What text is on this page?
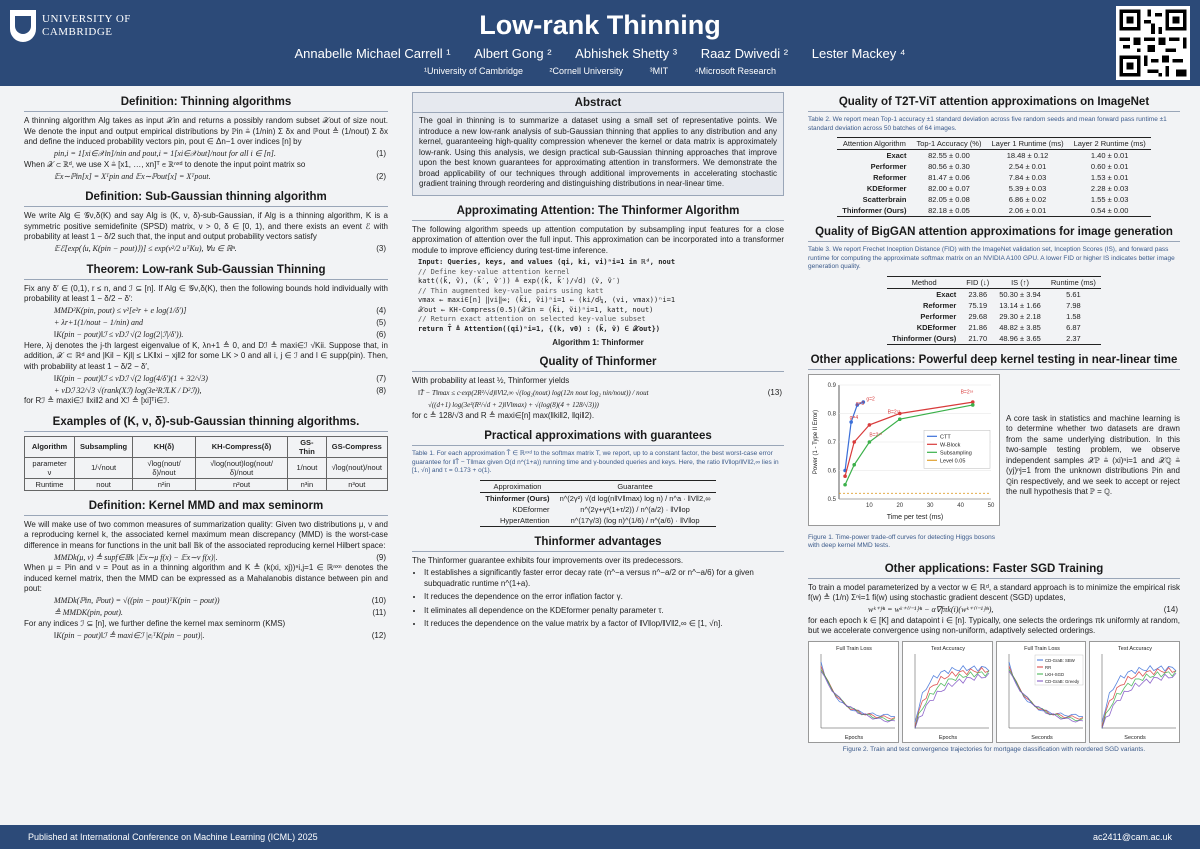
UNIVERSITY OF
CAMBRIDGE	Low-rank Thinning
Annabelle Michael Carrell ¹ Albert Gong ² Abhishek Shetty ³ Raaz Dwivedi ² Lester Mackey ⁴
¹University of Cambridge	²Cornell University	³MIT	⁴Microsoft Research
Definition: Thinning algorithms
A thinning algorithm Alg takes as input 𝒳in and returns a possibly random subset 𝒳out of size nout. We denote the input and output empirical distributions by ℙin ≜ (1/nin) Σ δx and ℙout ≜ (1/nout) Σ δx and define the induced probability vectors pin, pout ∈ Δn−1 over indices [n] by
pin,i = 1[xi∈𝒳in]/nin and pout,i = 1[xi∈𝒳out]/nout for all i ∈ [n].	(1)
When 𝒳 ⊂ ℝᵈ, we use X ≜ [x1, …, xn]ᵀ ∈ ℝⁿˣᵈ to denote the input point matrix so
𝔼x∼ℙin[x] = Xᵀpin and 𝔼x∼ℙout[x] = Xᵀpout.	(2)
Definition: Sub-Gaussian thinning algorithm
We write Alg ∈ 𝒢ν,δ(K) and say Alg is (K, ν, δ)-sub-Gaussian, if Alg is a thinning algorithm, K is a symmetric positive semidefinite (SPSD) matrix, ν > 0, δ ∈ [0, 1), and there exists an event ℰ with probability at least 1 − δ/2 such that, the input and output probability vectors satisfy
𝔼ℰ[exp(⟨u, K(pin − pout)⟩)] ≤ exp(ν²/2 uᵀKu), ∀u ∈ ℝⁿ.	(3)
Theorem: Low-rank Sub-Gaussian Thinning
Fix any δ′ ∈ (0,1), r ≤ n, and ℐ ⊆ [n]. If Alg ∈ 𝒢ν,δ(K), then the following bounds hold individually with probability at least 1 − δ/2 − δ′:
MMD²K(pin, pout) ≤ ν²[e²r + e log(1/δ′)]	(4)
+ λr+1(1/nout − 1/nin) and	(5)
‖K(pin − pout)‖ℐ ≤ νDℐ √(2 log(2|ℐ|/δ′)).	(6)
Here, λj denotes the j-th largest eigenvalue of K, λn+1 ≜ 0, and Dℐ ≜ maxi∈ℐ √Kii. Suppose that, in addition, 𝒳 ⊂ ℝᵈ and |Kil − Kjl| ≤ LK‖xi − xj‖2 for some LK > 0 and all i, j ∈ ℐ and l ∈ supp(pin). Then, with probability at least 1 − δ/2 − δ′,
‖K(pin − pout)‖ℐ ≤ νDℐ √(2 log(4/δ′)(1 + 32/√3)	(7)
+ νDℐ 32/√3 √(rank(Xℐ) log(3e²RℐLK / D²ℐ)),	(8)
for Rℐ ≜ maxi∈ℐ ‖xi‖2 and Xℐ ≜ [xi]ᵀi∈ℐ.
Examples of (K, ν, δ)-sub-Gaussian thinning algorithms.
Algorithm	Subsampling	KH(δ)	KH-Compress(δ)	GS-Thin	GS-Compress
parameter ν	1/√nout	√log(nout/δ)/nout	√log(nout)log(nout/δ)/nout	1/nout	√log(nout)/nout
Runtime	nout	n²in	n²out	n³in	n³out
Definition: Kernel MMD and max seminorm
We will make use of two common measures of summarization quality: Given two distributions μ, ν and a reproducing kernel k, the associated kernel maximum mean discrepancy (MMD) is the worst-case difference in means for functions in the unit ball 𝔹k of the associated reproducing kernel Hilbert space:
MMDk(μ, ν) ≜ supf∈𝔹k |𝔼x∼μ f(x) − 𝔼x∼ν f(x)|.	(9)
When μ = ℙin and ν = ℙout as in a thinning algorithm and K ≜ (k(xi, xj))ⁿi,j=1 ∈ ℝⁿˣⁿ denotes the induced kernel matrix, then the MMD can be expressed as a Mahalanobis distance between pin and pout:
MMDk(ℙin, ℙout) = √((pin − pout)ᵀK(pin − pout))	(10)
≜ MMDK(pin, pout).	(11)
For any indices ℐ ⊆ [n], we further define the kernel max seminorm (KMS)
‖K(pin − pout)‖ℐ ≜ maxi∈ℐ |eᵢᵀK(pin − pout)|.	(12)
Abstract
The goal in thinning is to summarize a dataset using a small set of representative points. We introduce a new low-rank analysis of sub-Gaussian thinning that applies to any distribution and any kernel, guaranteeing high-quality compression whenever the kernel or data matrix is approximately low-rank. Using this analysis, we design practical sub-Gaussian thinning approaches that improve upon the best known guarantees for approximating attention in transformers. We demonstrate the broad applicability of our techniques through additional improvements in accelerating stochastic gradient training through reordering and distinguishing distributions in near-linear time.
Approximating Attention: The Thinformer Algorithm
The following algorithm speeds up attention computation by subsampling input features for a close approximation of attention over the full input. This approximation can be incorporated into a transformer module to improve efficiency during test-time inference.
Input: Queries, keys, and values (qi, ki, vi)ⁿi=1 in ℝᵈ, nout
// Define key-value attention kernel
katt((k̃, ṽ), (k̃′, ṽ′)) ≜ exp(⟨k̃, k̃′⟩/√d) ⟨ṽ, ṽ′⟩
// Thin augmented key-value pairs using katt
vmax ← maxi∈[n] ‖vi‖∞; (k̃i, ṽi)ⁿi=1 ← (ki/d¼, (vi, vmax))ⁿi=1
𝒳out ← KH-Compress(0.5)(𝒳in = (k̃i, ṽi)ⁿi=1, katt, nout)
// Return exact attention on selected key-value subset
return T̂ ≜ Attention((qi)ⁿi=1, {(k, v0) : (k̃, ṽ) ∈ 𝒳out})
Algorithm 1: Thinformer
Quality of Thinformer
With probability at least ½, Thinformer yields
‖T̂ − T‖max ≤ c·exp(2R²/√d)‖V‖2,∞ √(log₂(nout) log(12n nout log₂ nin/nout)) / nout	(13)
√((d+1) log(3e²(R²/√d + 2)‖V‖max) + √(log(8)(4 + 128/√3)))
for c ≜ 128/√3 and R ≜ maxi∈[n] max(‖ki‖2, ‖qi‖2).
Practical approximations with guarantees
Table 1. For each approximation T̂ ∈ ℝⁿˣᵈ to the softmax matrix T, we report, up to a constant factor, the best worst-case error guarantee for ‖T̂ − T‖max given O(d n^(1+a)) running time and γ-bounded queries and keys. Here, the ratio ‖V‖op/‖V‖2,∞ lies in [1, √n] and τ = 0.173 + o(1).
Approximation	Guarantee
Thinformer (Ours)	n^(2γ²) √(d log(n‖V‖max) log n) / n^a · ‖V‖2,∞
KDEformer	n^(2γ+γ²(1+τ/2)) / n^(a/2) · ‖V‖op
HyperAttention	n^(17γ/3) (log n)^(1/6) / n^(a/6) · ‖V‖op
Thinformer advantages
The Thinformer guarantee exhibits four improvements over its predecessors.
• It establishes a significantly faster error decay rate (n^−a versus n^−a/2 or n^−a/6) for a given subquadratic runtime n^(1+a).
• It reduces the dependence on the error inflation factor γ.
• It eliminates all dependence on the KDEformer penalty parameter τ.
• It reduces the dependence on the value matrix by a factor of ‖V‖op/‖V‖2,∞ ∈ [1, √n].
Quality of T2T-ViT attention approximations on ImageNet
Table 2. We report mean Top-1 accuracy ±1 standard deviation across five random seeds and mean forward pass runtime ±1 standard deviation across 50 batches of 64 images.
Attention Algorithm	Top-1 Accuracy (%)	Layer 1 Runtime (ms)	Layer 2 Runtime (ms)
Exact	82.55 ± 0.00	18.48 ± 0.12	1.40 ± 0.01
Performer	80.56 ± 0.30	2.54 ± 0.01	0.60 ± 0.01
Reformer	81.47 ± 0.06	7.84 ± 0.03	1.53 ± 0.01
KDEformer	82.00 ± 0.07	5.39 ± 0.03	2.28 ± 0.03
Scatterbrain	82.05 ± 0.08	6.86 ± 0.02	1.55 ± 0.03
Thinformer (Ours)	82.18 ± 0.05	2.06 ± 0.01	0.54 ± 0.00
Quality of BigGAN attention approximations for image generation
Table 3. We report Frechet Inception Distance (FID) with the ImageNet validation set, Inception Scores (IS), and forward pass runtime for computing the approximate softmax matrix on an NVIDIA A100 GPU. A lower FID or higher IS indicates better image generation quality.
Method	FID (↓)	IS (↑)	Runtime (ms)
Exact	23.86	50.30 ± 3.94	5.61
Reformer	75.19	13.14 ± 1.66	7.98
Performer	29.68	29.30 ± 2.18	1.58
KDEformer	21.86	48.82 ± 3.85	6.87
Thinformer (Ours)	21.70	48.96 ± 3.65	2.37
Other applications: Powerful deep kernel testing in near-linear time
0.5
0.6
0.7
0.8
0.9
10	20	30	40	50
Time per test (ms)
Power (1 - Type II Error)	g=4
g=3
g=2
B=2¹²
B=2¹⁰
B=2¹⁸
CTT
W-Block
Subsampling
Level 0.05
Figure 1. Time-power trade-off curves for detecting Higgs bosons with deep kernel MMD tests.
A core task in statistics and machine learning is to determine whether two datasets are drawn from the same underlying distribution. In this two-sample testing problem, we observe independent samples 𝒳ℙ ≜ (xi)ⁿi=1 and 𝒳ℚ ≜ (yj)ⁿj=1 from the unknown distributions ℙin and ℚin respectively, and we seek to accept or reject the null hypothesis that ℙ = ℚ.
Other applications: Faster SGD Training
To train a model parameterized by a vector w ∈ ℝᵈ, a standard approach is to minimize the empirical risk f(w) ≜ (1/n) Σⁿi=1 fi(w) using stochastic gradient descent (SGD) updates,
wᵏ⁺ⁱ⁄ⁿ = wᵏ⁺⁽ⁱ⁻¹⁾⁄ⁿ − α∇fπk(i)(wᵏ⁺⁽ⁱ⁻¹⁾⁄ⁿ),	(14)
for each epoch k ∈ [K] and datapoint i ∈ [n]. Typically, one selects the orderings πk uniformly at random, but we accelerate convergence using non-uniform, adaptively selected orderings.
Full Train Loss
Epochs
Test Accuracy
Epochs
Full Train Loss
Seconds
CD-GraB: SBW
RR
LKH-SGD
CD-GraB: Greedy
Test Accuracy
Seconds
Figure 2. Train and test convergence trajectories for mortgage classification with reordered SGD variants.
Published at International Conference on Machine Learning (ICML) 2025	ac2411@cam.ac.uk
